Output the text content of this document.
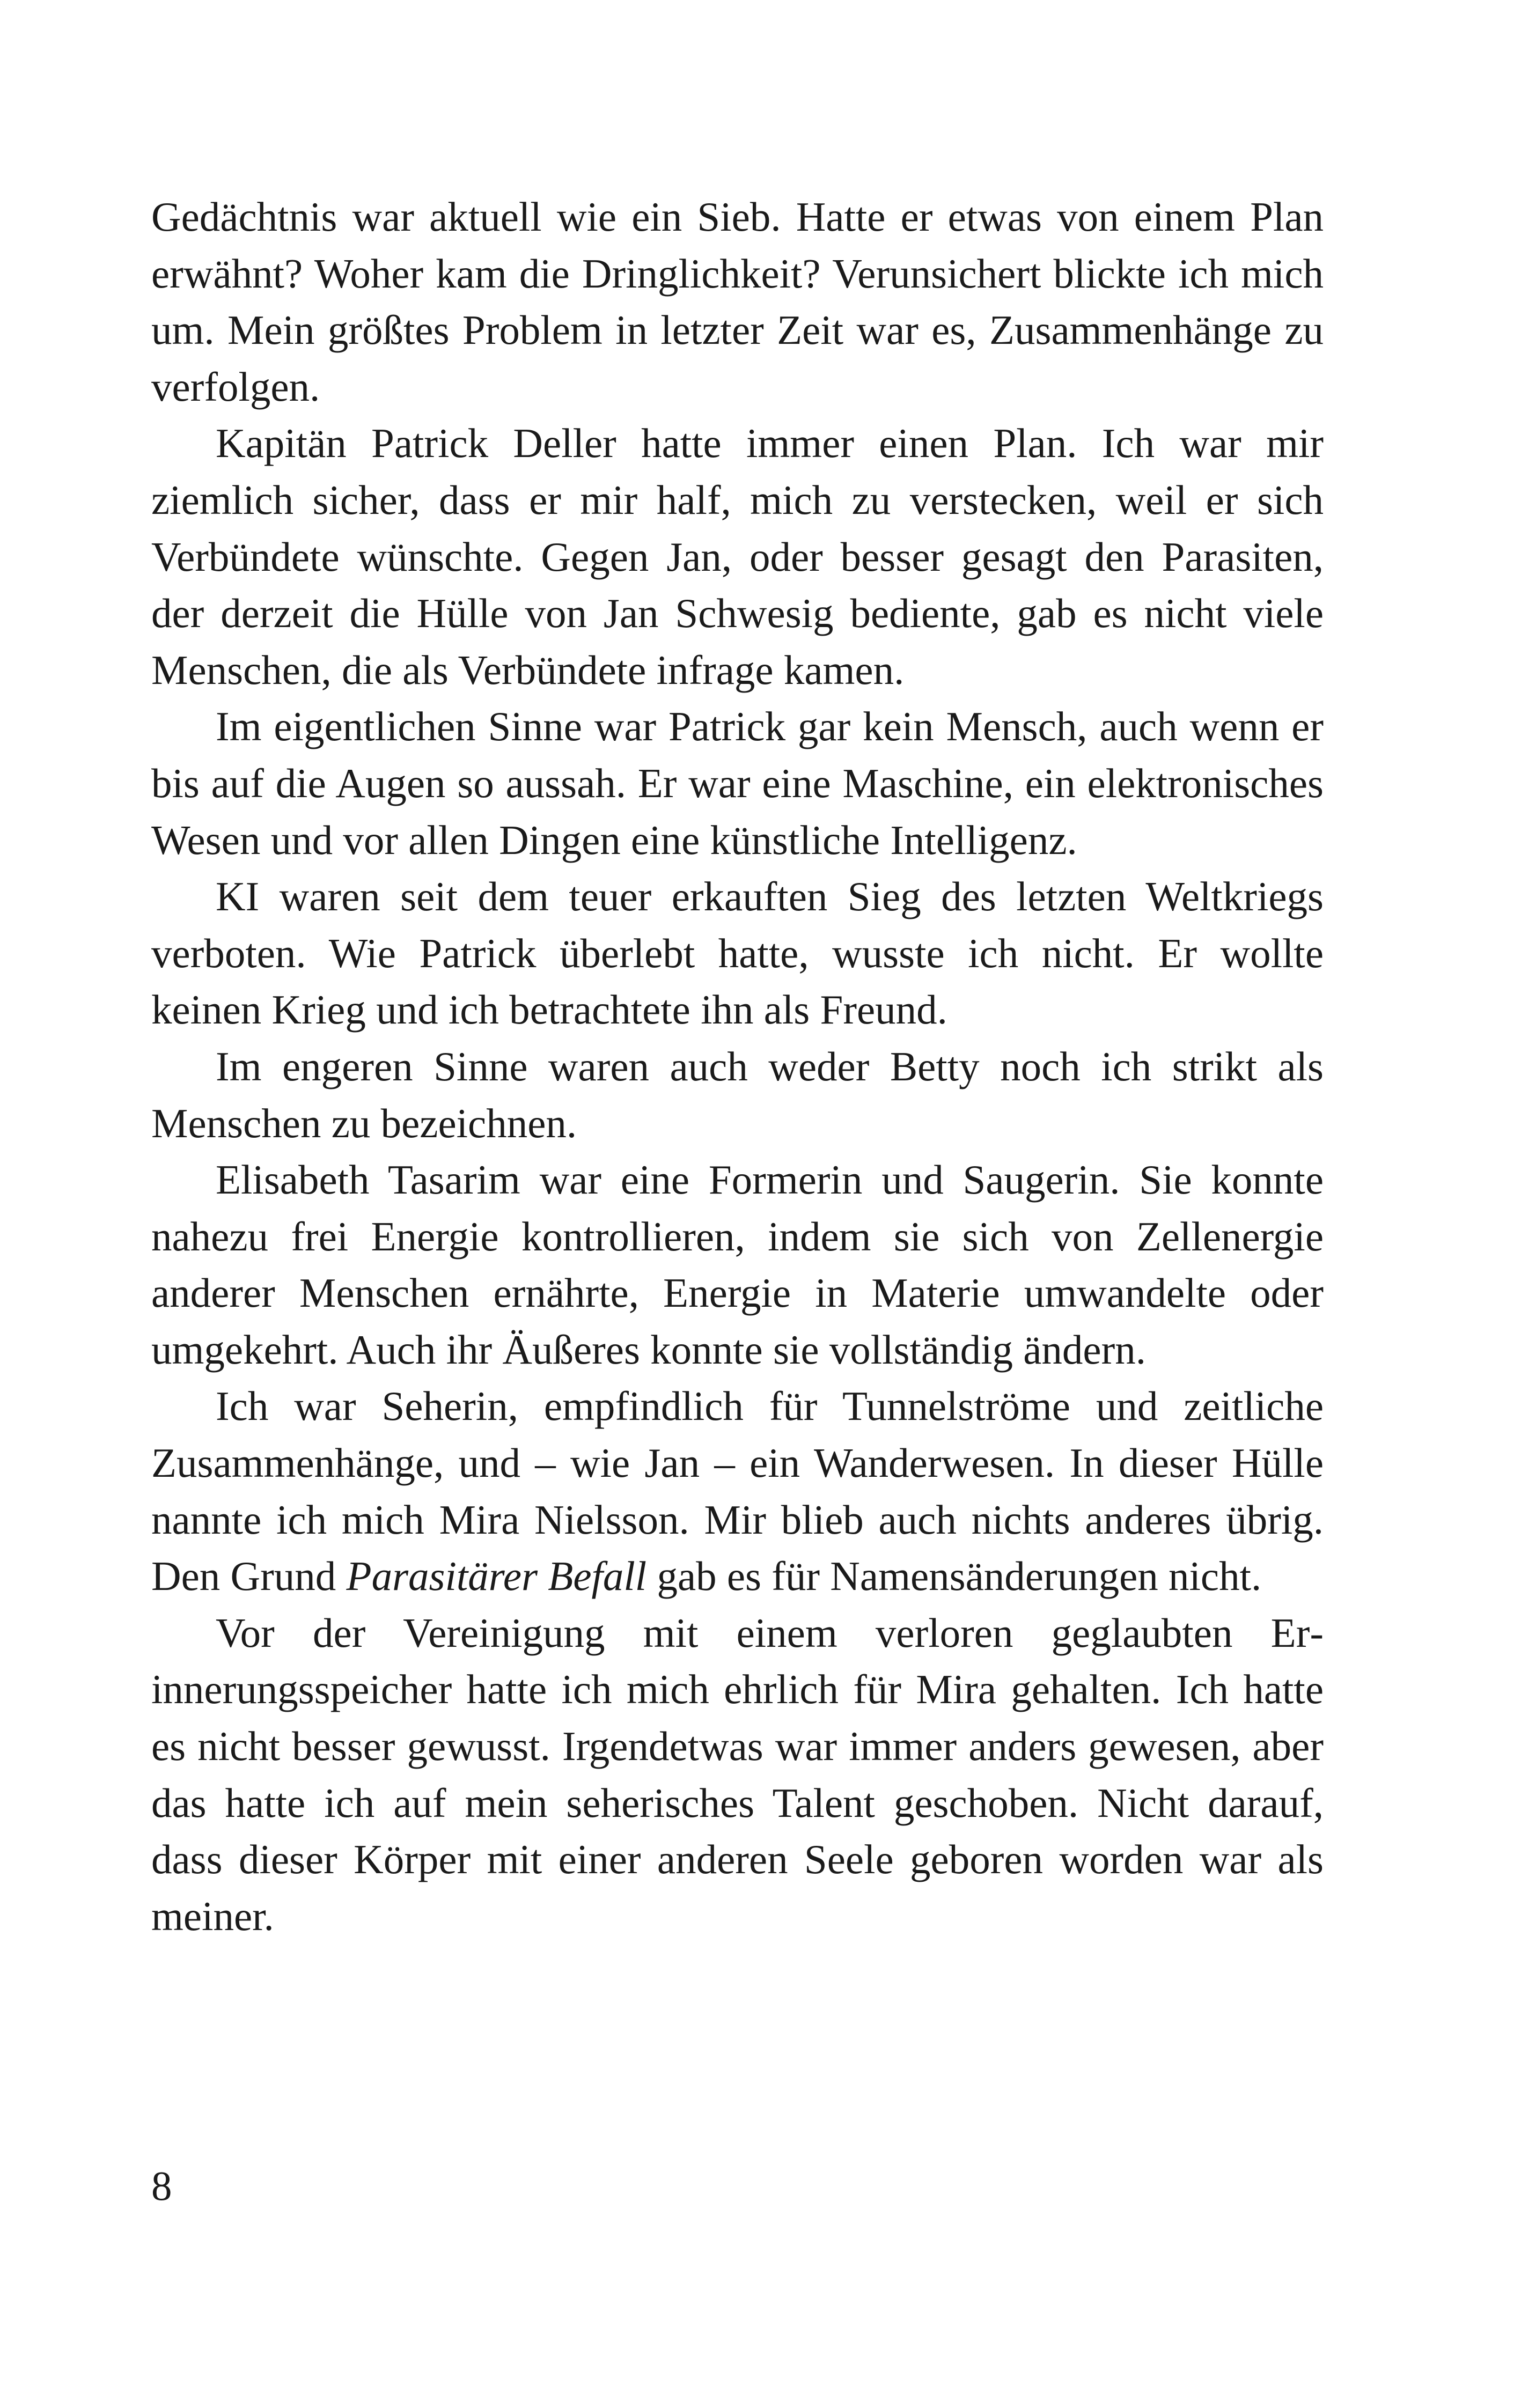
Gedächtnis war aktuell wie ein Sieb. Hatte er etwas von einem Plan erwähnt? Woher kam die Dringlichkeit? Verunsichert blickte ich mich um. Mein größtes Problem in letzter Zeit war es, Zusammenhänge zu verfolgen.

Kapitän Patrick Deller hatte immer einen Plan. Ich war mir ziemlich sicher, dass er mir half, mich zu verstecken, weil er sich Verbündete wünschte. Gegen Jan, oder besser gesagt den Parasiten, der derzeit die Hülle von Jan Schwesig bediente, gab es nicht viele Menschen, die als Verbündete infrage kamen.

Im eigentlichen Sinne war Patrick gar kein Mensch, auch wenn er bis auf die Augen so aussah. Er war eine Maschine, ein elektronisches Wesen und vor allen Dingen eine künstliche Intelligenz.

KI waren seit dem teuer erkauften Sieg des letzten Weltkriegs verboten. Wie Patrick überlebt hatte, wusste ich nicht. Er wollte keinen Krieg und ich betrachtete ihn als Freund.

Im engeren Sinne waren auch weder Betty noch ich strikt als Menschen zu bezeichnen.

Elisabeth Tasarim war eine Formerin und Saugerin. Sie konnte nahezu frei Energie kontrollieren, indem sie sich von Zellenergie anderer Menschen ernährte, Energie in Materie umwandelte oder umgekehrt. Auch ihr Äußeres konnte sie vollständig ändern.

Ich war Seherin, empfindlich für Tunnelströme und zeitliche Zusammenhänge, und – wie Jan – ein Wanderwesen. In dieser Hülle nannte ich mich Mira Nielsson. Mir blieb auch nichts anderes übrig. Den Grund Parasitärer Befall gab es für Namensänderungen nicht.

Vor der Vereinigung mit einem verloren geglaubten Erinnerungsspeicher hatte ich mich ehrlich für Mira gehalten. Ich hatte es nicht besser gewusst. Irgendetwas war immer anders gewesen, aber das hatte ich auf mein seherisches Talent geschoben. Nicht darauf, dass dieser Körper mit einer anderen Seele geboren worden war als meiner.

8
